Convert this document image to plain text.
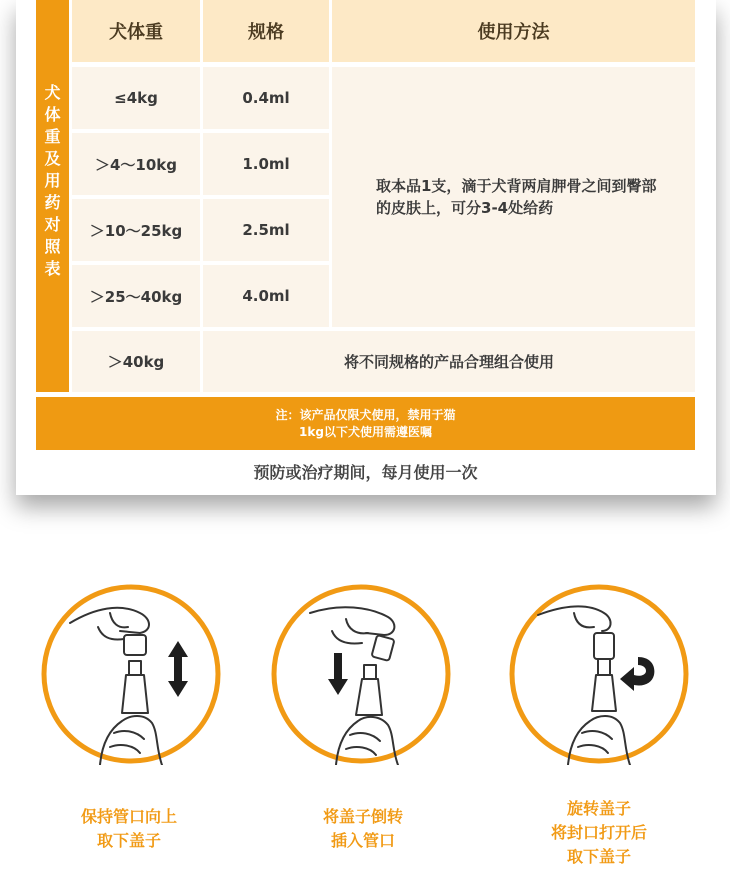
犬体重及用药对照表
犬体重	规格	使用方法
≤4kg	0.4ml
＞4～10kg	1.0ml
＞10～25kg	2.5ml
＞25～40kg	4.0ml
取本品1支，滴于犬背两肩胛骨之间到臀部的皮肤上，可分3-4处给药
＞40kg	将不同规格的产品合理组合使用
注：该产品仅限犬使用，禁用于猫
1kg以下犬使用需遵医嘱
预防或治疗期间，每月使用一次
保持管口向上
取下盖子
将盖子倒转
插入管口
旋转盖子
将封口打开后
取下盖子
